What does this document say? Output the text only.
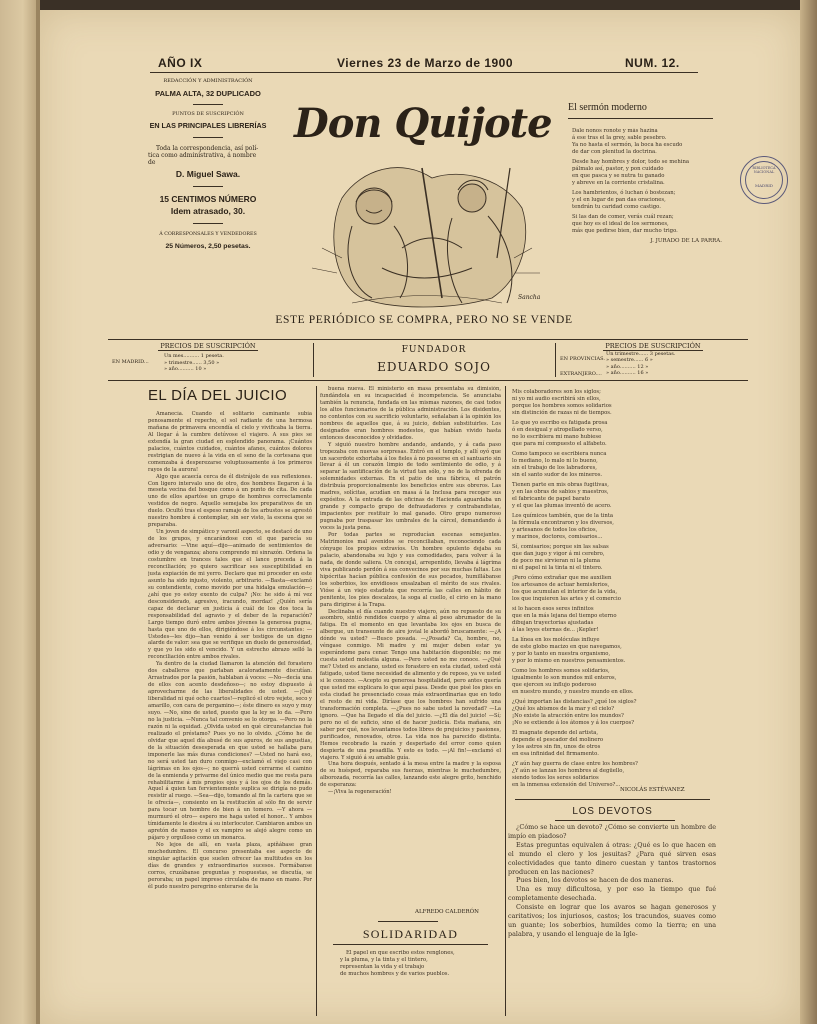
AÑO IX	Viernes 23 de Marzo de 1900	NUM. 12.
REDACCIÓN Y ADMINISTRACIÓN
PALMA ALTA, 32 DUPLICADO
PUNTOS DE SUSCRIPCIÓN
EN LAS PRINCIPALES LIBRERÍAS
Toda la correspondencia, así polí-
tica como administrativa, á nombre
de
D. Miguel Sawa.
15 CENTIMOS NÚMERO
Idem atrasado, 30.
Á CORRESPONSALES Y VENDEDORES
25 Números, 2,50 pesetas.
Don Quijote
Sancha
BIBLIOTECA NACIONAL
MADRID
El sermón moderno

Dale nonos ronote y más hazina
á ese tras el la grey, sable pesebro.
Ya no hasta el sermón, la boca ha escudo
de dar con plenitud la doctrina.

Desde hay hombres y dolor, todo se mehina
pálmalo así, pastor, y pon cuidado
en que pasca y se nutra tu ganado
y abreve en la corriente cristalina.

Los hambrientos, ó luchan ó bostezan;
y el en lugar de pan das oraciones,
tendrán tu caridad como castigo.

Si las dan de comer, verás cuál rezan;
que hoy es el ideal de los sermones,
más que pedirse bien, dar mucho trigo.

J. JURADO DE LA PARRA.
ESTE PERIÓDICO SE COMPRA, PERO NO SE VENDE
PRECIOS DE SUSCRIPCIÓN
EN MADRID...
Un mes.......... 1 peseta.
» trimestre...... 3,50 »
» año.......... 10 »
FUNDADOR
EDUARDO SOJO
PRECIOS DE SUSCRIPCIÓN
EN PROVINCIAS.
EXTRANJERO....
Un trimestre...... 3 pesetas.
» semestre...... 6 »
» año.......... 12 »
» año.......... 16 »
EL DÍA DEL JUICIO

Amanecía. Cuando el solitario caminante subía penosamente el repecho, el sol radiante de una hermosa mañana de primavera encendía el cielo y vivificaba la tierra. Al llegar á la cumbre detúvose el viajero. A sus pies se extendía la gran ciudad en esplendido panorama. ¡Cuántos palacios, cuántos cuidados, cuántos afanes, cuántos dolores restrigian de nuevo á la vida en el seno de la cortesana que comenzaba á desperezarse voluptuosamente á los primeros rayos de la aurora!

Algo que acaecía cerca de él distrájole de sus reflexiones. Con ligero intervalo uno de otro, dos hombres llegaron á la meseta vecina del bosque como á un punto de cita. De cada uno de ellos apartóse un grupo de hombres correctamente vestidos de negro. Aquello semejaba los preparativos de un duelo. Ocultó tras el espeso ramaje de los arbustos se aprestó nuestro hombre á contemplar, sin ser visto, la escena que se preparaba.

Un joven de simpático y varonil aspecto, se destacó de uno de los grupos, y encarándose con el que parecía su adversario: —Vine aquí—dijo—animado de sentimientos de odio y de venganza; ahora comprendo mi sinrazón. Ordena la costumbre en trances tales que el lance preceda á la reconciliación; yo quiero sacrificar ses susceptibilidad en justa expiación de mi yerro. Declaro que mi proceder en este asunto ha sido injusto, violento, arbitrario. —Basta—exclamó su contendiente, como movido por una hidalga emulación—; ¿ahí que yo estoy exento de culpa? ¡No: he sido á mí vez desconsiderado, agresivo, iracundo, mordaz! ¿Quién sería capaz de declarar en justicia á cuál de los dos toca la responsabilidad del agravio y el deber de la reparación? Largo tiempo duró entre ambos jóvenes la generosa pugna, hasta que uno de ellos, dirigiéndose á los circunstantes: —Ustedes—les dijo—han venido á ser testigos de un digno alarde de valor: sea que se verifique un duelo de generosidad, y que yo les sido el vencido. Y un estrecho abrazo selló la reconciliación entre ambos rivales.

Ya dentro de la ciudad llamaron la atención del forastero dos caballeros que parlaban acaloradamente discutían. Arrastrados por la pasión, hablaban á voces: —No—decía una de ellos con acento desdeñoso—; no estoy dispuesto á aprovecharme de las liberalidades de usted. —¡Qué liberalidad ni qué ocho cuartos!—replicó el otro vejete, seco y amarillo, con cara de pergamino—; éste dinero es suyo y muy suyo. —No, sino de usted, puesto que la ley se lo da. —Pero no la justicia. —Nunca tal convenio se lo otorga. —Pero no la razón ni la equidad. ¿Olvida usted en qué circunstancias fué realizado el préstamo? Pues yo no lo olvido. ¿Cómo he de olvidar que aquel día abusé de sus apuros, de sus angustias, de la situación desesperada en que usted se hallaba para imponerle las más duras condiciones? —Usted no hará eso, no será usted tan duro conmigo—exclamó el viejo casi con lágrimas en los ojos—; no querrá usted cerrarme el camino de la enmienda y privarme del único medio que me resta para rehabilitarme á mis propios ojos y á los ojos de los demás. Aquel á quien tan fervientemente suplica se dirigía no pudo resistir al ruego. —Sea—dijo, tomando al fin la cartera que se le ofrecía—, consiento en la restitución al sólo fin de servir para tocar un hombre de bien á un tomero. —Y ahora —murmuró el otro— espero me haga usted el honor... Y ambos tímidamente le diestra á su interlocutor. Cambiaron ambos un apretón de manos y el ex vampiro se alejó alegre como un pájaro y orgulloso como un monarca.

No lejos de allí, en vasta plaza, apiñábase gran muchedumbre. El concurso presentaba ese aspecto de singular agitación que suelen ofrecer las multitudes en los días de grandes y extraordinarios sucesos. Formábanse corros, cruzábanse preguntas y respuestas, se discutía, se peroraba; un papel impreso circulaba de mano en mano. Por él pudo nuestro peregrino enterarse de la

buena nueva. El ministerio en masa presentaba su dimisión, fundándola en su incapacidad é incompetencia. Se anunciaba también la renuncia, fundada en las mismas razones, de casi todos los altos funcionarios de la pública administración. Los disidentes, no contentos con su sacrificio voluntario, señalaban á la opinión los nombres de aquellos que, á su juicio, debían substituirles. Los designados eran hombres modestos, que habían vivido hasta entonces desconocidos y olvidados.

Y siguió nuestro hombre andando, andando, y á cada paso tropezaba con nuevas sorpresas. Entró en el templo, y allí oyó que un sacerdote exhortaba á los fieles á no poseerse en el santuario sin llevar á él un corazón limpio de todo sentimiento de odio, y á separar la santificación de la virtud tan sólo, y no de la ofrenda de solemnidades externas. En el patio de una fábrica, el patrón distribuía proporcionalmente los beneficios entre sus obreros. Las madres, solícitas, acudían en masa á la Inclusa para recoger sus expósitos. A la entrada de las oficinas de Hacienda aguardaba un grande y compacto grupo de defraudadores y contrabandistas, impacientes por restituir lo mal ganado. Otro grupo numeroso pugnaba por traspasar los umbrales de la cárcel, demandando á voces la justa pena.

Por todas partes se reproducían escenas semejantes. Matrimonios mal avenidos se reconciliaban, reconociendo cada cónyuge los propios extravíos. Un hombre opulento dejaba su palacio, abandonaba su lujo y sus comodidades, para volver á la nada, de donde saliera. Un concejal, arrepentido, llevaba á lágrima viva publicando perdón á sus convecinos por sus muchas faltas. Los hipócritas hacían pública confesión de sus pecados, humillábanse los soberbios, los envidiosos ensalzaban el mérito de sus rivales. Vióse á un viejo estadista que recorría las calles en hábito de penitente, los pies descalzos, la soga al cuello, el cirio en la mano para dirigirse á la Trapa.

Declinaba el día cuando nuestro viajero, aún no repuesto de su asombro, sintió rendidos cuerpo y alma al peso abrumador de la fatiga. En el momento en que levantaba los ojos en busca de albergue, un transeunte de aire jovial le abordó bruscamente: —¿A dónde va usted? —Busco posada. —¿Posada? Ca, hombre, no, véngase conmigo. Mi madre y mi mujer deben estar ya esperándome para cenar. Tengo una habitación disponible; no me cuesta usted molestia alguna. —Pero usted no me conoce. —¿Qué me? Usted es anciano, usted es forastero en esta ciudad, usted está fatigado, usted tiene necesidad de alimento y de reposo, ya ve usted si le conozco. —Acepto su generosa hospitalidad, pero antes quería que usted me explicara lo que aquí pasa. Desde que pisé los pies en esta ciudad he presenciado cosas más extraordinarias que en todo el resto de mi vida. Diríase que los hombres han sufrido una transformación completa. —¿Pues no sabe usted la novedad? —La ignoro. —Que ha llegado el día del juicio. —¿El día del juicio! —Sí; pero no el de suficio, sino el de hacer justicia. Esta mañana, sin saber por qué, nos levantamos todos libres de prejuicios y pasiones, purificados, renovados, otros. La vida nos ha parecido distinta. Hemos recobrado la razón y despertado del error como quien despierta de una pesadilla. Y esto es todo. —¡Al fin!—exclamó el viajero. Y siguió á su amable guía.

Una hora después, sentado á la mesa entre la madre y la esposa de su huésped, reparaba sus fuerzas, mientras le muchedumbre, alborozada, recorría las calles, lanzando este alegre grito, henchido de esperanza:

—¡Viva la regeneración!

ALFREDO CALDERÓN
SOLIDARIDAD
El papel en que escribo estos renglones,
y la pluma, y la tinta y el tintero,
representan la vida y el trabajo
de muchos hombres y de varios pueblos.

Mis colaboradores son los siglos;
ni yo mi audio escribirá sin ellos,
porque los hombres somos solidarios
sin distinción de razas ni de tiempos.

Lo que yo escribo es fatigada prosa
ó en desigual y atropellado verso,
no lo escribiera mi mano hubiese
que para mí compuesto el alfabeto.

Como tampoco se escribiera nunca
lo mediano, lo malo ni lo bueno,
sin el trabajo de los labradores,
sin el santo sudor de los mineros.

Tienen parte en mis obras fugitivas,
y en las obras de sabios y maestros,
el fabricante de papel barato
y el que las plumas inventó de acero.

Los químicos también, que de la tinta
la fórmula encontraron y los diversos,
y artesanos de todos los oficios,
y marinos, doctores, comisarios...

Sí, comisarios; porque sin las salsas
que dan jugo y vigor á mi cerebro,
de poco me sirvieran ni la pluma
ni el papel ni la tinta ni el tintero.

¡Pero cómo extrañar que me auxilien
los artesanos de actuar hemisferios,
los que acumulan el interior de la vida,
los que inquieren las artes y el comercio

si lo hacen esos seres infinitos
que en la más lejana del tiempo eterno
dibujan trayectorias ajustadas
á las leyes eternas de... ¡Kepler!

La línea en los molóculas influye
de este globo macizo en que navegamos,
y por lo tanto en nuestra organismo,
y por lo mismo en nuestros pensamientos.

Como los hombres somos solidarios,
igualmente lo son mundos mil enteros,
que ejercen su influjo poderoso
en nuestro mundo, y nuestro mundo en ellos.

¿Qué importan las distancias? ¿qué los siglos?
¿Qué los abismos de la mar y el cielo?
¡No existe la atracción entre los mundos?
¡No se extiende á los átomos y á los cuerpos?

El magnate depende del artista,
depende el pescador del molinero
y los astros sin fin, unos de otros
en esa infinidad del firmamento.

¿Y aún hay guerra de clase entre los hombres?
¿Y aún se lanzan los hombres al degüello,
siendo todos los seres solidarios
en la inmensa extensión del Universo?...

NICOLÁS ESTÉVANEZ
LOS DEVOTOS

¿Cómo se hace un devoto? ¿Cómo se convierte un hombre de impío en piadoso?

Estas preguntas equivalen á otras: ¿Qué es lo que hacen en el mundo el clero y los jesuitas? ¿Para qué sirven esas colectividades que tanto dinero cuestan y tantos trastornos producen en las naciones?

Pues bien, los devotos se hacen de dos maneras.

Una es muy dificultosa, y por eso la tiempo que fué completamente desechada.

Consiste en lograr que los avaros se hagan generosos y caritativos; los injuriosos, castos; los tracundos, suaves como un guante; los soberbios, humildes como la tierra; en una palabra, y usando el lenguaje de la Igle-
